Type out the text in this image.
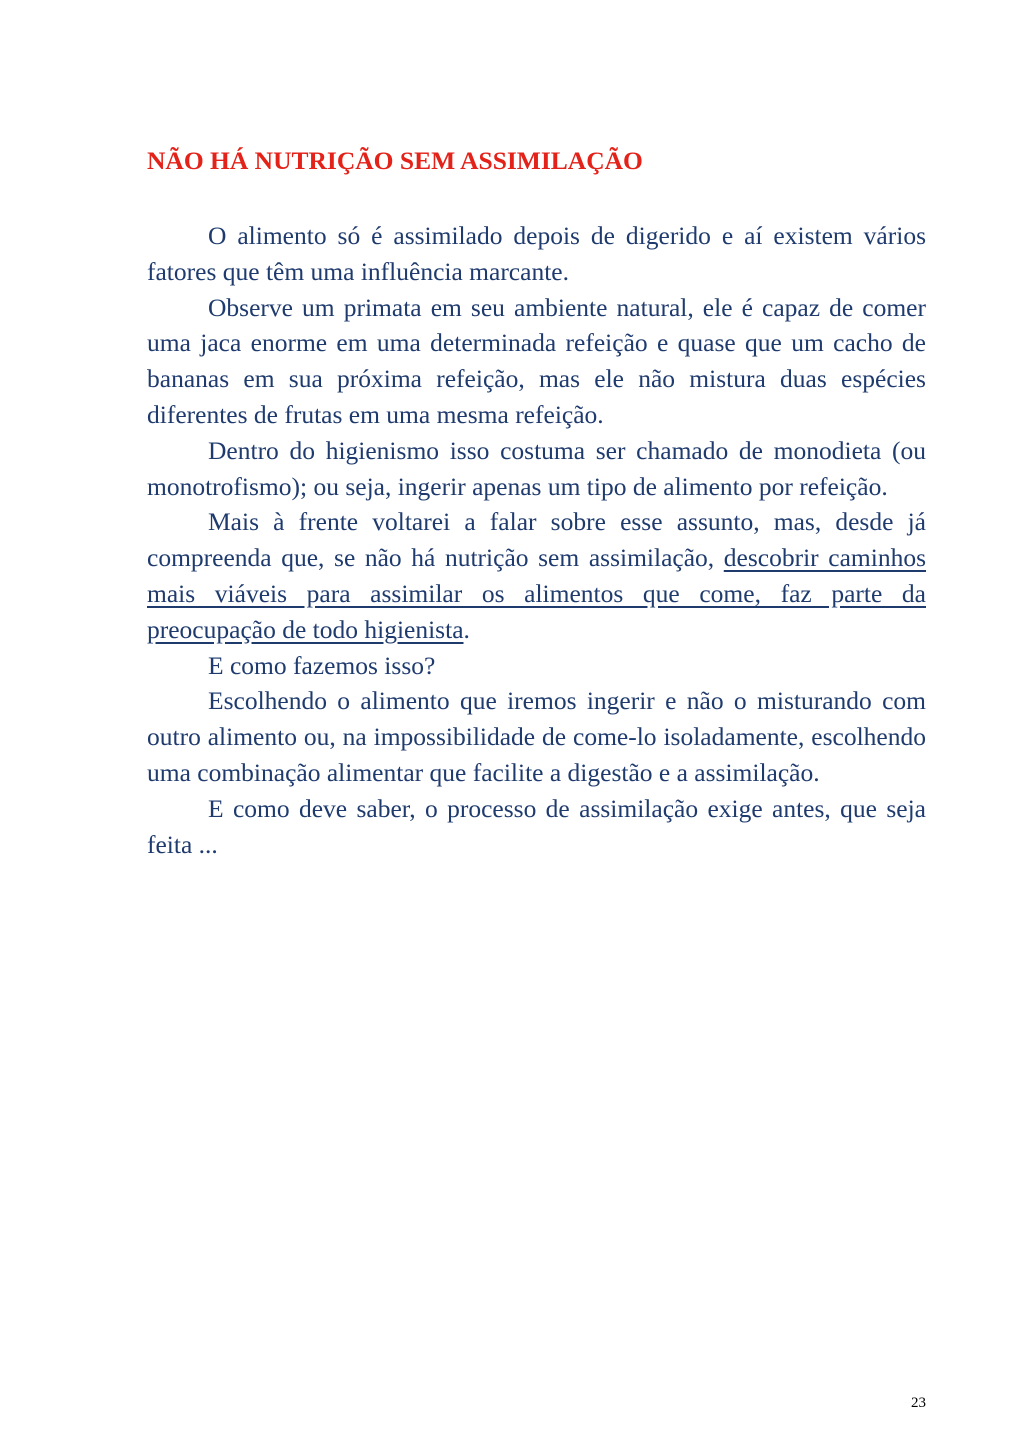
NÃO HÁ NUTRIÇÃO SEM ASSIMILAÇÃO

O alimento só é assimilado depois de digerido e aí existem vários fatores que têm uma influência marcante.

Observe um primata em seu ambiente natural, ele é capaz de comer uma jaca enorme em uma determinada refeição e quase que um cacho de bananas em sua próxima refeição, mas ele não mistura duas espécies diferentes de frutas em uma mesma refeição.

Dentro do higienismo isso costuma ser chamado de monodieta (ou monotrofismo); ou seja, ingerir apenas um tipo de alimento por refeição.

Mais à frente voltarei a falar sobre esse assunto, mas, desde já compreenda que, se não há nutrição sem assimilação, descobrir caminhos mais viáveis para assimilar os alimentos que come, faz parte da preocupação de todo higienista.

E como fazemos isso?

Escolhendo o alimento que iremos ingerir e não o misturando com outro alimento ou, na impossibilidade de come-lo isoladamente, escolhendo uma combinação alimentar que facilite a digestão e a assimilação.

E como deve saber, o processo de assimilação exige antes, que seja feita ...

23
